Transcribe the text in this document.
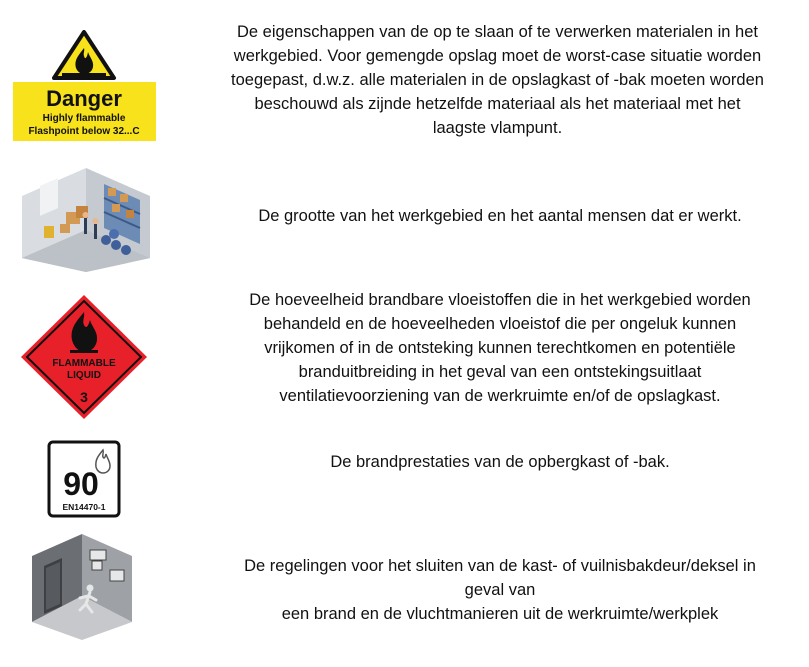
Danger
Highly flammable
Flashpoint below 32...C
De eigenschappen van de op te slaan of te verwerken materialen in het
werkgebied. Voor gemengde opslag moet de worst-case situatie worden
toegepast, d.w.z. alle materialen in de opslagkast of -bak moeten worden
beschouwd als zijnde hetzelfde materiaal als het materiaal met het
laagste vlampunt.
De grootte van het werkgebied en het aantal mensen dat er werkt.
FLAMMABLE
LIQUID
3
De hoeveelheid brandbare vloeistoffen die in het werkgebied worden
behandeld en de hoeveelheden vloeistof die per ongeluk kunnen
vrijkomen of in de ontsteking kunnen terechtkomen en potentiële
branduitbreiding in het geval van een ontstekingsuitlaat
ventilatievoorziening van de werkruimte en/of de opslagkast.
90
EN14470-1
De brandprestaties van de opbergkast of -bak.
De regelingen voor het sluiten van de kast- of vuilnisbakdeur/deksel in
geval van
een brand en de vluchtmanieren uit de werkruimte/werkplek
